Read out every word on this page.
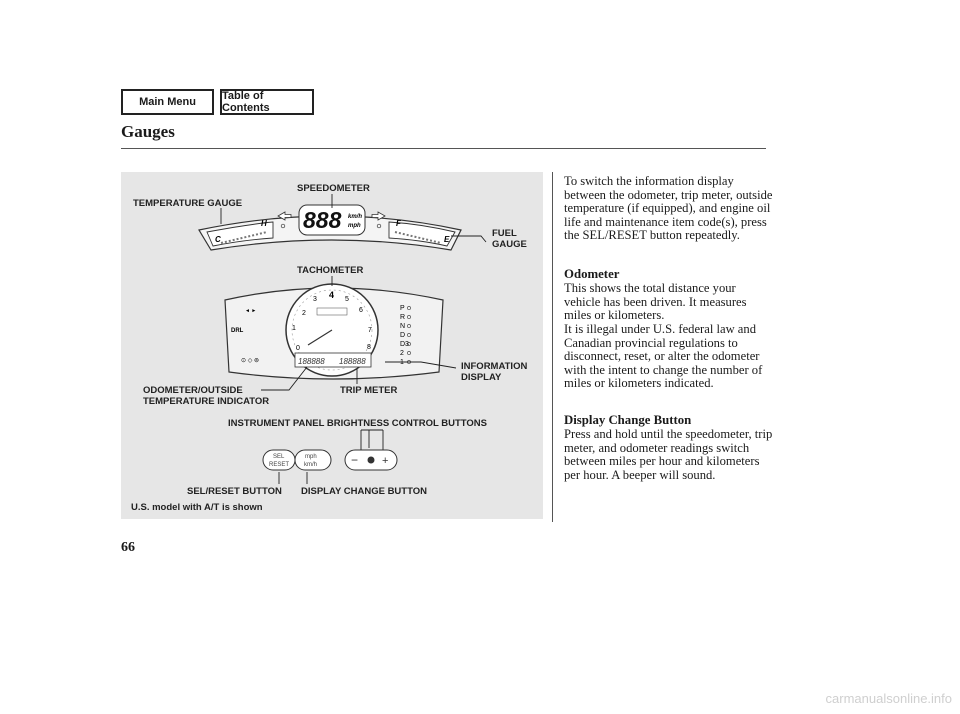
Main Menu	Table of Contents
Gauges
C
H	F
E
888 km/h
mph
0
1
2
3 4 5
6
7
8
188888 188888
DRL
◄ ►
⊙ ◇ ⊚
P
R
N
D
D3
2
1
SEL
RESET
mph
km/h	− +
TEMPERATURE GAUGE
SPEEDOMETER
FUEL
GAUGE
TACHOMETER
INFORMATION
DISPLAY
ODOMETER/OUTSIDE
TEMPERATURE INDICATOR
TRIP METER
INSTRUMENT PANEL BRIGHTNESS CONTROL BUTTONS
SEL/RESET BUTTON DISPLAY CHANGE BUTTON
U.S. model with A/T is shown
To switch the information display between the odometer, trip meter, outside temperature (if equipped), and engine oil life and maintenance item code(s), press the SEL/RESET button repeatedly.
Odometer
This shows the total distance your vehicle has been driven. It measures miles or kilometers.
It is illegal under U.S. federal law and Canadian provincial regulations to disconnect, reset, or alter the odometer with the intent to change the number of miles or kilometers indicated.
Display Change Button
Press and hold until the speedometer, trip meter, and odometer readings switch between miles per hour and kilometers per hour. A beeper will sound.
66
carmanualsonline.info
